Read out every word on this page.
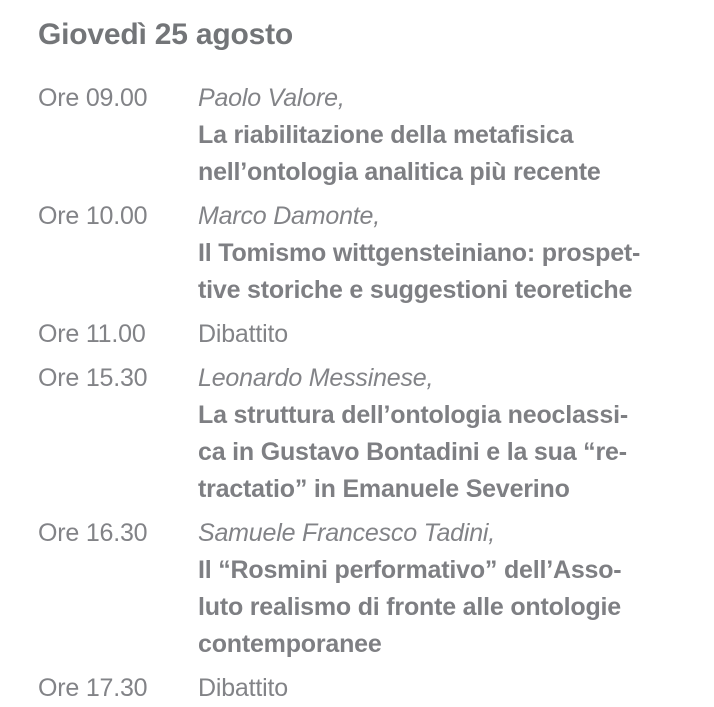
Giovedì 25 agosto
Ore 09.00	Paolo Valore,
La riabilitazione della metafisica
nell’ontologia analitica più recente
Ore 10.00	Marco Damonte,
Il Tomismo wittgensteiniano: prospet-
tive storiche e suggestioni teoretiche
Ore 11.00	Dibattito
Ore 15.30	Leonardo Messinese,
La struttura dell’ontologia neoclassi-
ca in Gustavo Bontadini e la sua “re-
tractatio” in Emanuele Severino
Ore 16.30	Samuele Francesco Tadini,
Il “Rosmini performativo” dell’Asso-
luto realismo di fronte alle ontologie
contemporanee
Ore 17.30	Dibattito
